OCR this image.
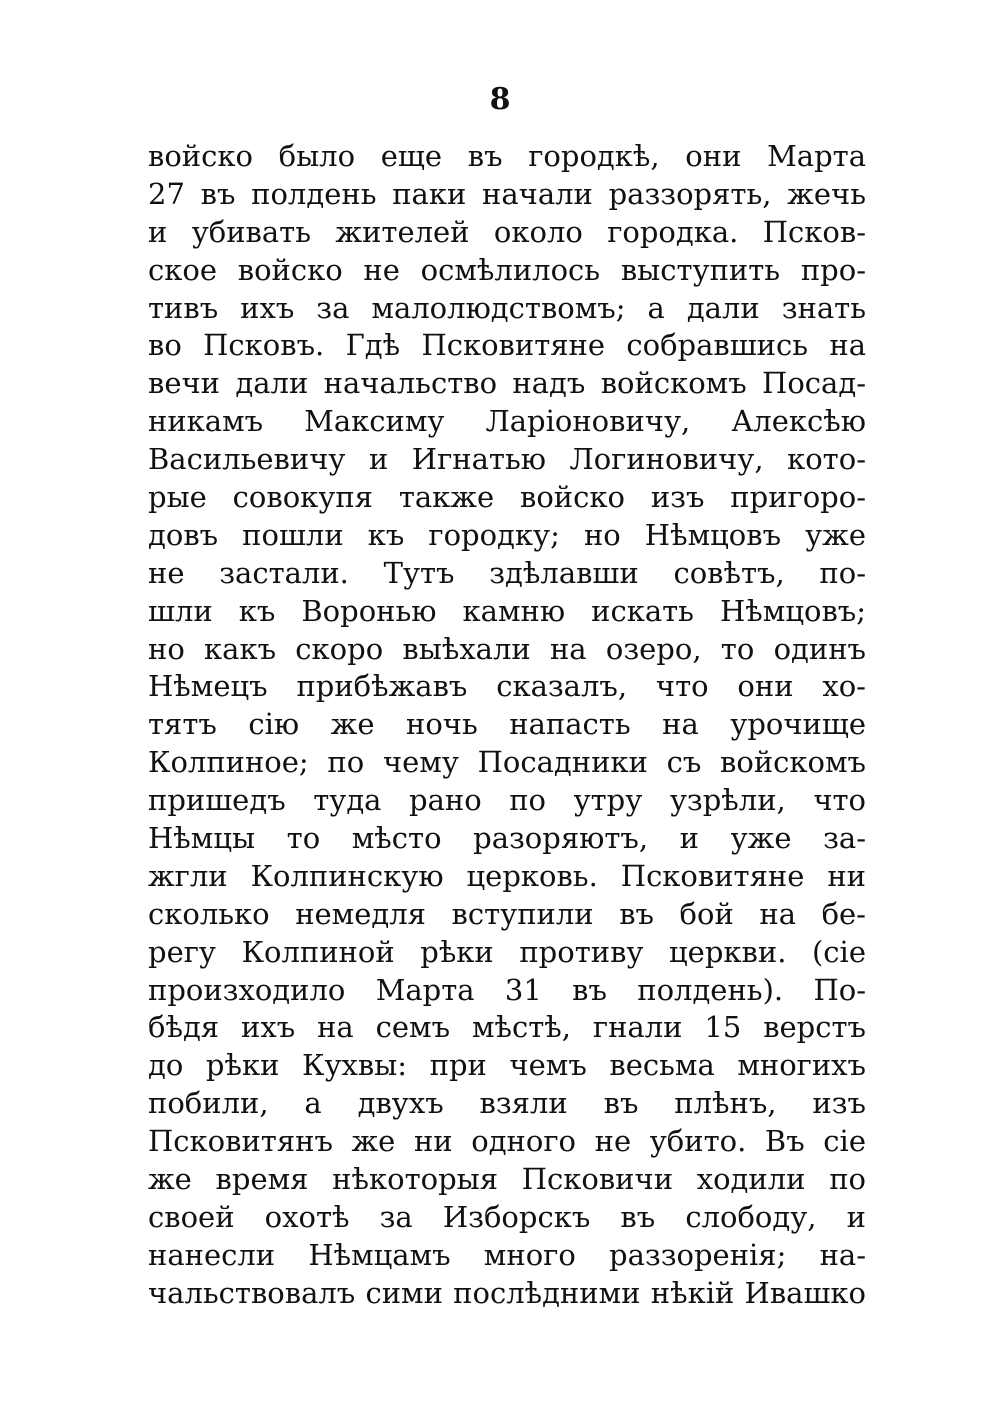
8
войско было еще въ городкѣ, они Марта
27 въ полдень паки начали раззорять, жечь
и убивать жителей около городка. Псков-
ское войско не осмѣлилось выступить про-
тивъ ихъ за малолюдствомъ; а дали знать
во Псковъ. Гдѣ Псковитяне собравшись на
вечи дали начальство надъ войскомъ Посад-
никамъ Максиму Ларіоновичу, Алексѣю
Васильевичу и Игнатью Логиновичу, кото-
рые совокупя также войско изъ пригоро-
довъ пошли къ городку; но Нѣмцовъ уже
не застали. Тутъ здѣлавши совѣтъ, по-
шли къ Воронью камню искать Нѣмцовъ;
но какъ скоро выѣхали на озеро, то одинъ
Нѣмецъ прибѣжавъ сказалъ, что они хо-
тятъ сію же ночь напасть на урочище
Колпиное; по чему Посадники съ войскомъ
пришедъ туда рано по утру узрѣли, что
Нѣмцы то мѣсто разоряютъ, и уже за-
жгли Колпинскую церковь. Псковитяне ни
сколько немедля вступили въ бой на бе-
регу Колпиной рѣки противу церкви. (сіе
произходило Марта 31 въ полдень). По-
бѣдя ихъ на семъ мѣстѣ, гнали 15 верстъ
до рѣки Кухвы: при чемъ весьма многихъ
побили, а двухъ взяли въ плѣнъ, изъ
Псковитянъ же ни одного не убито. Въ сіе
же время нѣкоторыя Псковичи ходили по
своей охотѣ за Изборскъ въ слободу, и
нанесли Нѣмцамъ много раззоренія; на-
чальствовалъ сими послѣдними нѣкій Ивашко
